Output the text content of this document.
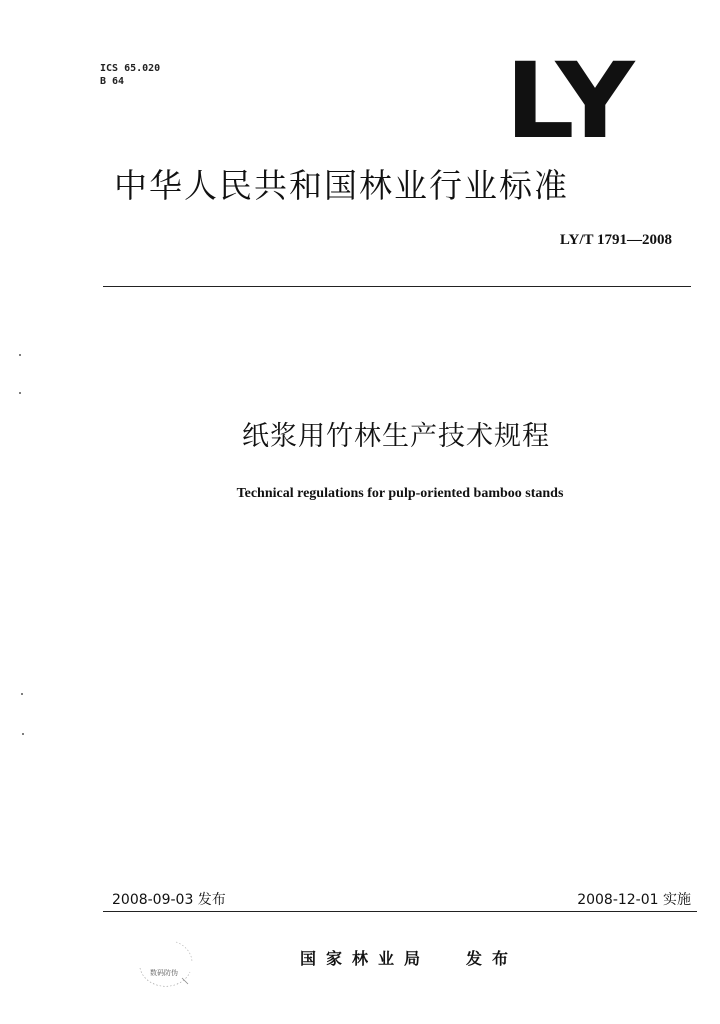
ICS 65.020
B 64	LY
中华人民共和国林业行业标准
LY/T 1791—2008
纸浆用竹林生产技术规程
Technical regulations for pulp-oriented bamboo stands
2008-09-03 发布	2008-12-01 实施
数码防伪
国家林业局 发布
